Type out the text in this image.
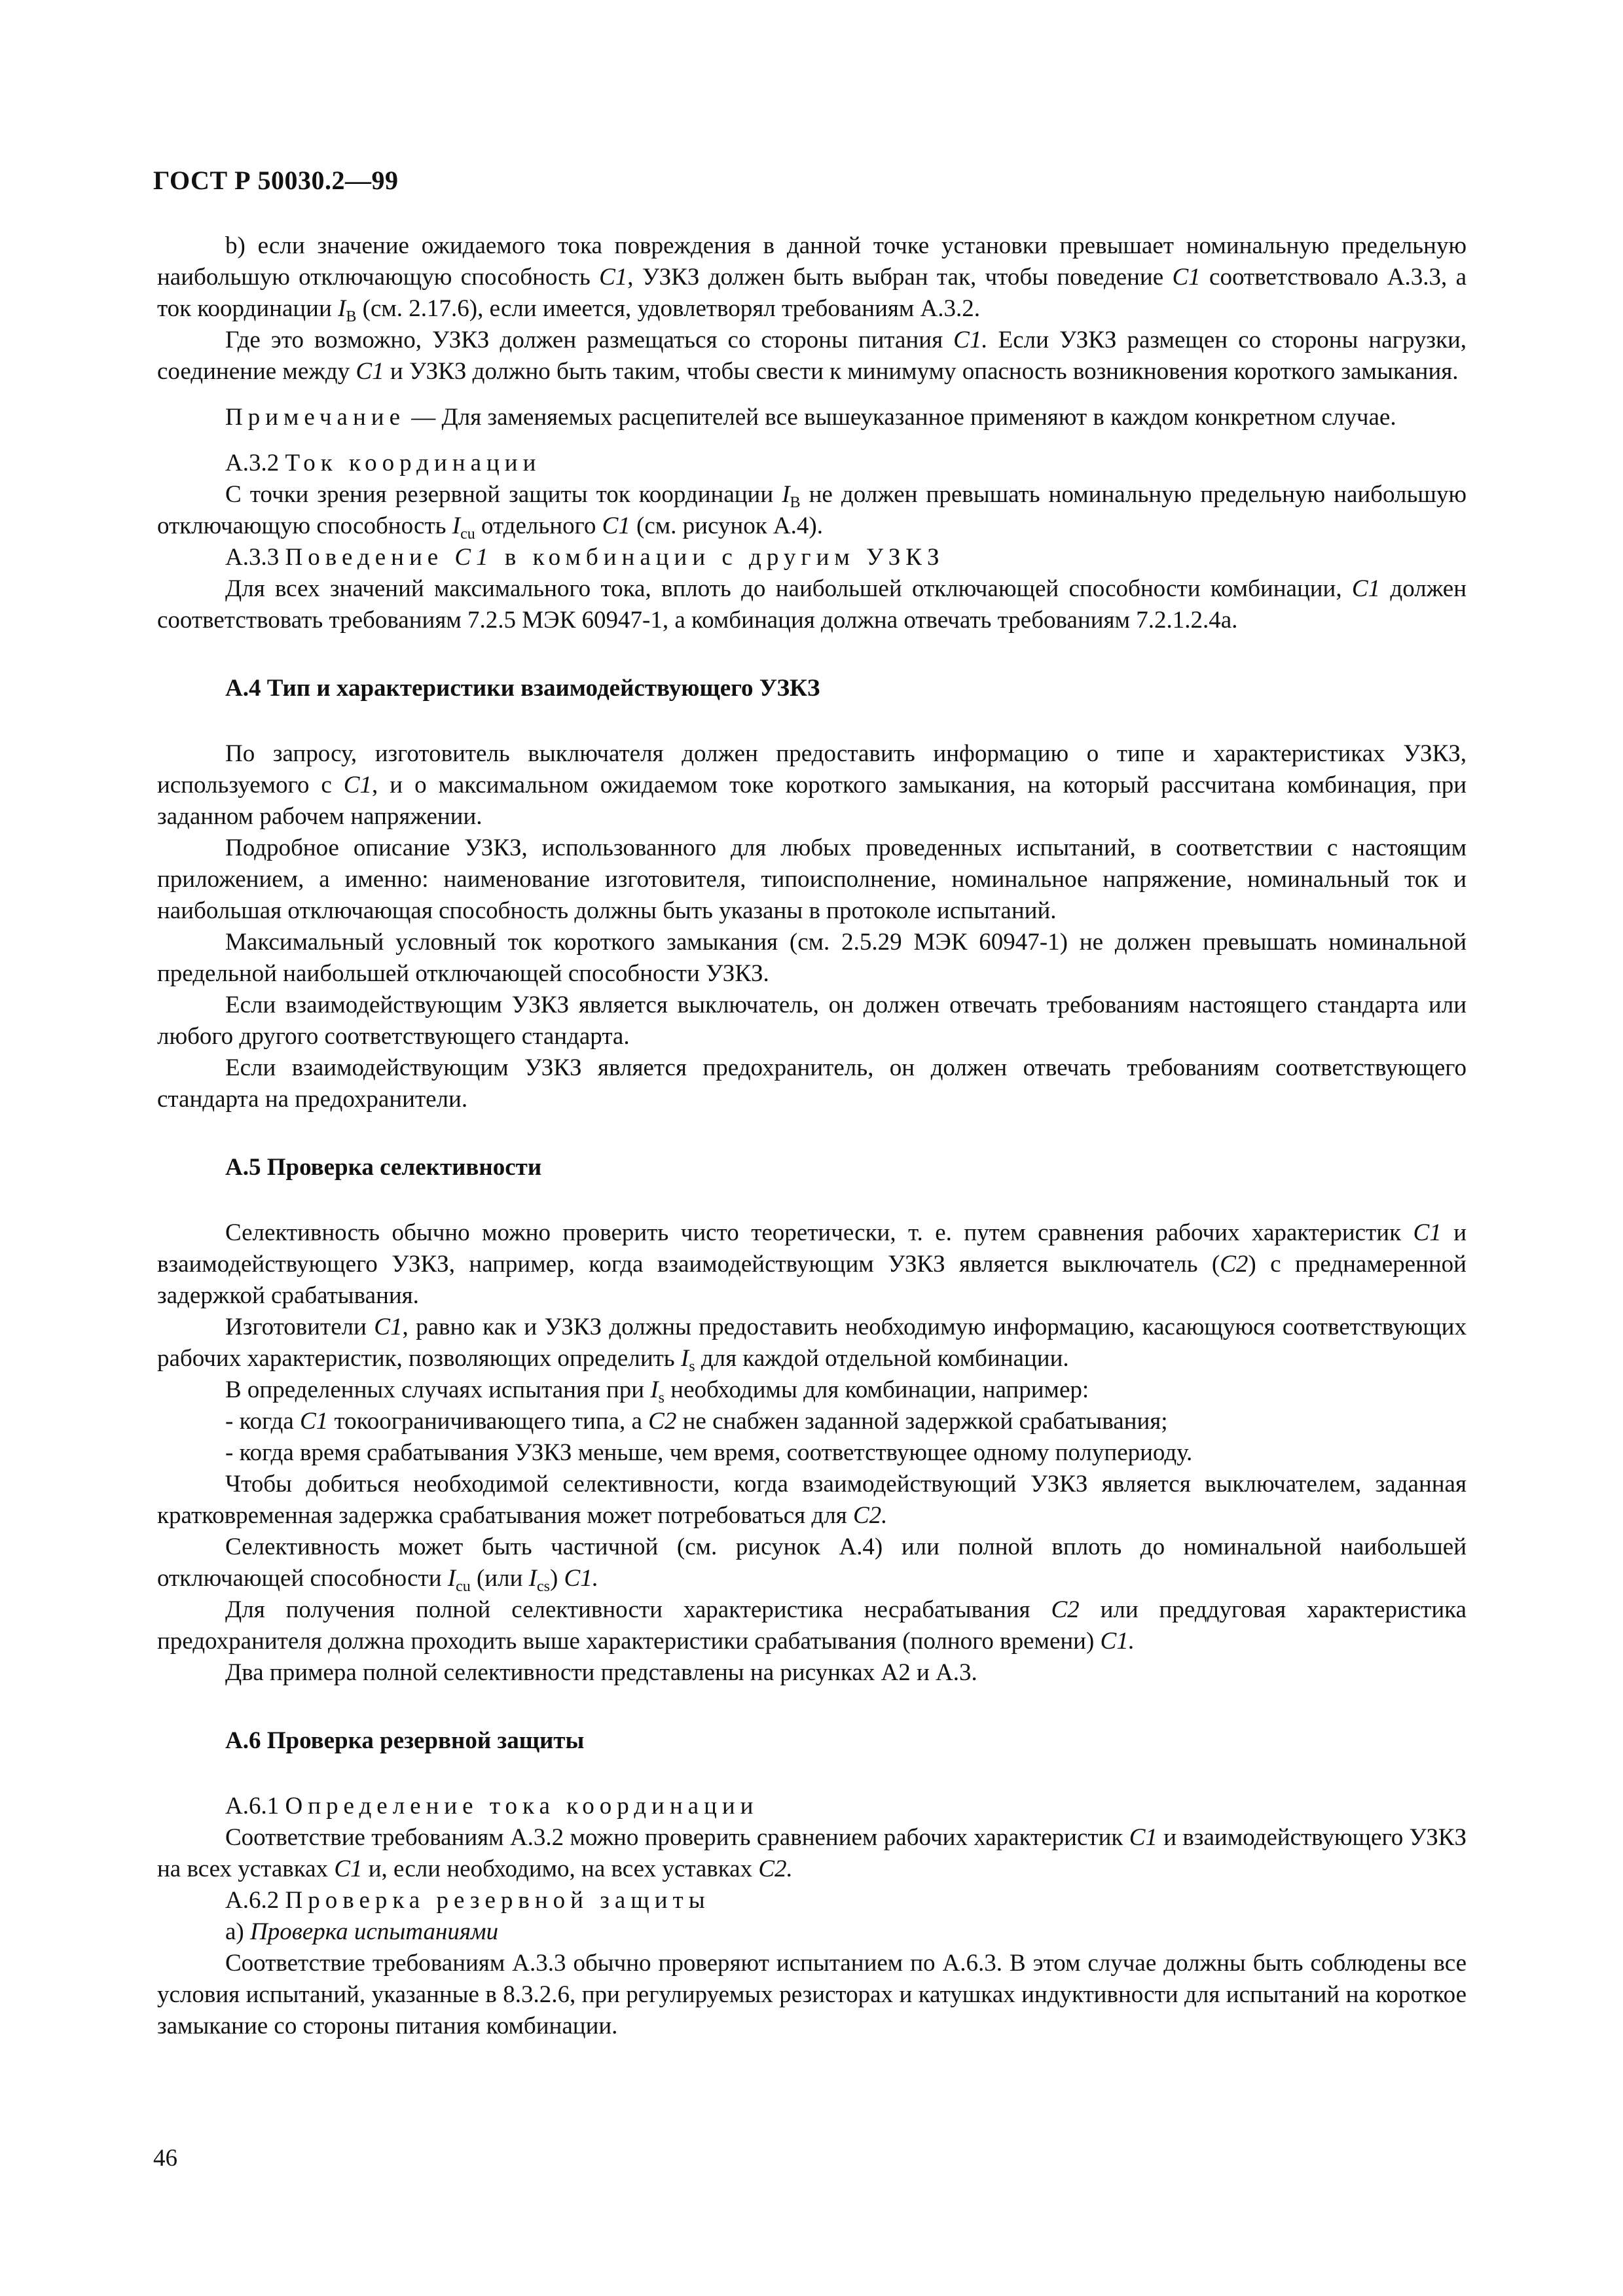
ГОСТ Р 50030.2—99

b) если значение ожидаемого тока повреждения в данной точке установки превышает номинальную предельную наибольшую отключающую способность C1, УЗКЗ должен быть выбран так, чтобы поведение C1 соответствовало А.3.3, а ток координации $I_B$ (см. 2.17.6), если имеется, удовлетворял требованиям А.3.2.

Где это возможно, УЗКЗ должен размещаться со стороны питания C1. Если УЗКЗ размещен со стороны нагрузки, соединение между C1 и УЗКЗ должно быть таким, чтобы свести к минимуму опасность возникновения короткого замыкания.

Примечание — Для заменяемых расцепителей все вышеуказанное применяют в каждом конкретном случае.

А.3.2 Ток координации

С точки зрения резервной защиты ток координации $I_B$ не должен превышать номинальную предельную наибольшую отключающую способность $I_{cu}$ отдельного C1 (см. рисунок А.4).

А.3.3 Поведение C1 в комбинации с другим УЗКЗ

Для всех значений максимального тока, вплоть до наибольшей отключающей способности комбинации, C1 должен соответствовать требованиям 7.2.5 МЭК 60947-1, а комбинация должна отвечать требованиям 7.2.1.2.4а.

А.4 Тип и характеристики взаимодействующего УЗКЗ

По запросу, изготовитель выключателя должен предоставить информацию о типе и характеристиках УЗКЗ, используемого с C1, и о максимальном ожидаемом токе короткого замыкания, на который рассчитана комбинация, при заданном рабочем напряжении.

Подробное описание УЗКЗ, использованного для любых проведенных испытаний, в соответствии с настоящим приложением, а именно: наименование изготовителя, типоисполнение, номинальное напряжение, номинальный ток и наибольшая отключающая способность должны быть указаны в протоколе испытаний.

Максимальный условный ток короткого замыкания (см. 2.5.29 МЭК 60947-1) не должен превышать номинальной предельной наибольшей отключающей способности УЗКЗ.

Если взаимодействующим УЗКЗ является выключатель, он должен отвечать требованиям настоящего стандарта или любого другого соответствующего стандарта.

Если взаимодействующим УЗКЗ является предохранитель, он должен отвечать требованиям соответствующего стандарта на предохранители.

А.5 Проверка селективности

Селективность обычно можно проверить чисто теоретически, т. е. путем сравнения рабочих характеристик C1 и взаимодействующего УЗКЗ, например, когда взаимодействующим УЗКЗ является выключатель (C2) с преднамеренной задержкой срабатывания.

Изготовители C1, равно как и УЗКЗ должны предоставить необходимую информацию, касающуюся соответствующих рабочих характеристик, позволяющих определить $I_s$ для каждой отдельной комбинации.

В определенных случаях испытания при $I_s$ необходимы для комбинации, например:

- когда C1 токоограничивающего типа, а C2 не снабжен заданной задержкой срабатывания;

- когда время срабатывания УЗКЗ меньше, чем время, соответствующее одному полупериоду.

Чтобы добиться необходимой селективности, когда взаимодействующий УЗКЗ является выключателем, заданная кратковременная задержка срабатывания может потребоваться для C2.

Селективность может быть частичной (см. рисунок А.4) или полной вплоть до номинальной наибольшей отключающей способности $I_{cu}$ (или $I_{cs}$) C1.

Для получения полной селективности характеристика несрабатывания C2 или преддуговая характеристика предохранителя должна проходить выше характеристики срабатывания (полного времени) C1.

Два примера полной селективности представлены на рисунках А2 и А.3.

А.6 Проверка резервной защиты

А.6.1 Определение тока координации

Соответствие требованиям А.3.2 можно проверить сравнением рабочих характеристик C1 и взаимодействующего УЗКЗ на всех уставках C1 и, если необходимо, на всех уставках C2.

А.6.2 Проверка резервной защиты

a) Проверка испытаниями

Соответствие требованиям А.3.3 обычно проверяют испытанием по А.6.3. В этом случае должны быть соблюдены все условия испытаний, указанные в 8.3.2.6, при регулируемых резисторах и катушках индуктивности для испытаний на короткое замыкание со стороны питания комбинации.

46
